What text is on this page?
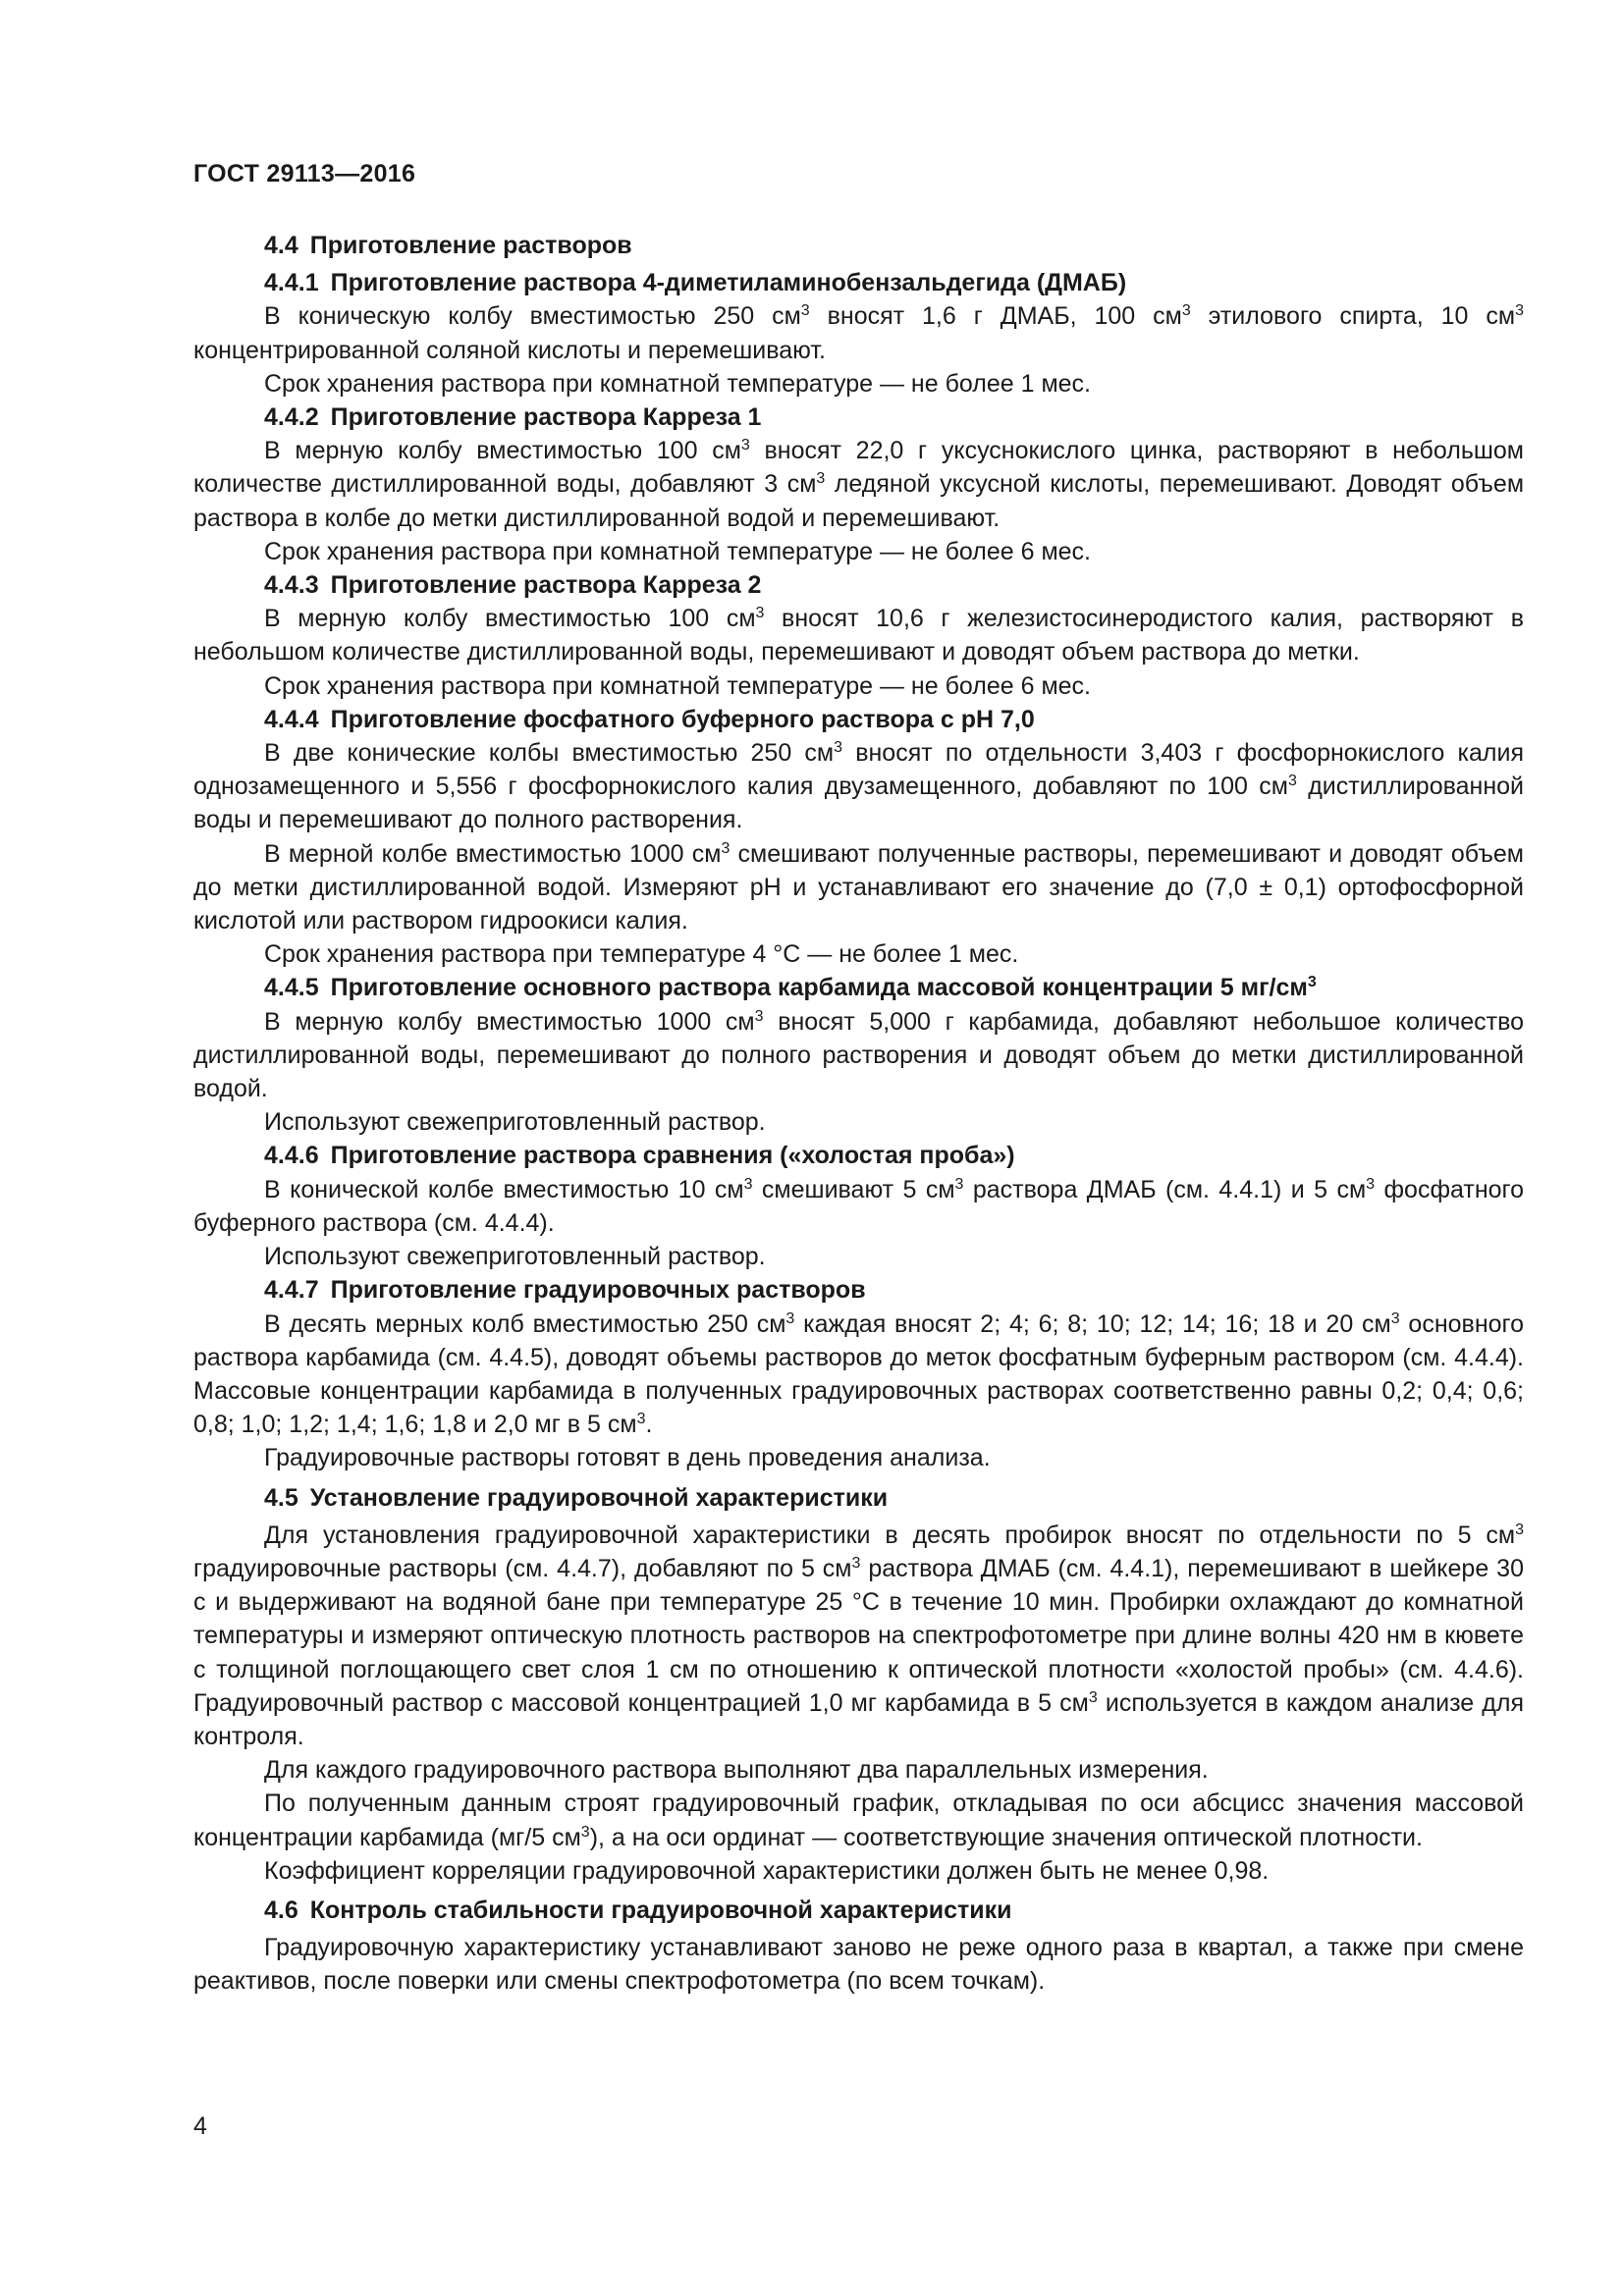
ГОСТ 29113—2016
4.4 Приготовление растворов
4.4.1 Приготовление раствора 4-диметиламинобензальдегида (ДМАБ)

В коническую колбу вместимостью 250 $см^3$ вносят 1,6 г ДМАБ, 100 $см^3$ этилового спирта, 10 $см^3$ концентрированной соляной кислоты и перемешивают.

Срок хранения раствора при комнатной температуре — не более 1 мес.

4.4.2 Приготовление раствора Карреза 1

В мерную колбу вместимостью 100 $см^3$ вносят 22,0 г уксуснокислого цинка, растворяют в небольшом количестве дистиллированной воды, добавляют 3 $см^3$ ледяной уксусной кислоты, перемешивают. Доводят объем раствора в колбе до метки дистиллированной водой и перемешивают.

Срок хранения раствора при комнатной температуре — не более 6 мес.

4.4.3 Приготовление раствора Карреза 2

В мерную колбу вместимостью 100 $см^3$ вносят 10,6 г железистосинеродистого калия, растворяют в небольшом количестве дистиллированной воды, перемешивают и доводят объем раствора до метки.

Срок хранения раствора при комнатной температуре — не более 6 мес.

4.4.4 Приготовление фосфатного буферного раствора с pH 7,0

В две конические колбы вместимостью 250 $см^3$ вносят по отдельности 3,403 г фосфорнокислого калия однозамещенного и 5,556 г фосфорнокислого калия двузамещенного, добавляют по 100 $см^3$ дистиллированной воды и перемешивают до полного растворения.

В мерной колбе вместимостью 1000 $см^3$ смешивают полученные растворы, перемешивают и доводят объем до метки дистиллированной водой. Измеряют pH и устанавливают его значение до (7,0 ± 0,1) ортофосфорной кислотой или раствором гидроокиси калия.

Срок хранения раствора при температуре 4 °С — не более 1 мес.

4.4.5 Приготовление основного раствора карбамида массовой концентрации 5 $мг/см^3$

В мерную колбу вместимостью 1000 $см^3$ вносят 5,000 г карбамида, добавляют небольшое количество дистиллированной воды, перемешивают до полного растворения и доводят объем до метки дистиллированной водой.

Используют свежеприготовленный раствор.

4.4.6 Приготовление раствора сравнения («холостая проба»)

В конической колбе вместимостью 10 $см^3$ смешивают 5 $см^3$ раствора ДМАБ (см. 4.4.1) и 5 $см^3$ фосфатного буферного раствора (см. 4.4.4).

Используют свежеприготовленный раствор.

4.4.7 Приготовление градуировочных растворов

В десять мерных колб вместимостью 250 $см^3$ каждая вносят 2; 4; 6; 8; 10; 12; 14; 16; 18 и 20 $см^3$ основного раствора карбамида (см. 4.4.5), доводят объемы растворов до меток фосфатным буферным раствором (см. 4.4.4). Массовые концентрации карбамида в полученных градуировочных растворах соответственно равны 0,2; 0,4; 0,6; 0,8; 1,0; 1,2; 1,4; 1,6; 1,8 и 2,0 мг в 5 $см^3$.

Градуировочные растворы готовят в день проведения анализа.

4.5 Установление градуировочной характеристики

Для установления градуировочной характеристики в десять пробирок вносят по отдельности по 5 $см^3$ градуировочные растворы (см. 4.4.7), добавляют по 5 $см^3$ раствора ДМАБ (см. 4.4.1), перемешивают в шейкере 30 с и выдерживают на водяной бане при температуре 25 °С в течение 10 мин. Пробирки охлаждают до комнатной температуры и измеряют оптическую плотность растворов на спектрофотометре при длине волны 420 нм в кювете с толщиной поглощающего свет слоя 1 см по отношению к оптической плотности «холостой пробы» (см. 4.4.6). Градуировочный раствор с массовой концентрацией 1,0 мг карбамида в 5 $см^3$ используется в каждом анализе для контроля.

Для каждого градуировочного раствора выполняют два параллельных измерения.

По полученным данным строят градуировочный график, откладывая по оси абсцисс значения массовой концентрации карбамида (мг/5 $см^3$), а на оси ординат — соответствующие значения оптической плотности.

Коэффициент корреляции градуировочной характеристики должен быть не менее 0,98.

4.6 Контроль стабильности градуировочной характеристики

Градуировочную характеристику устанавливают заново не реже одного раза в квартал, а также при смене реактивов, после поверки или смены спектрофотометра (по всем точкам).

4
